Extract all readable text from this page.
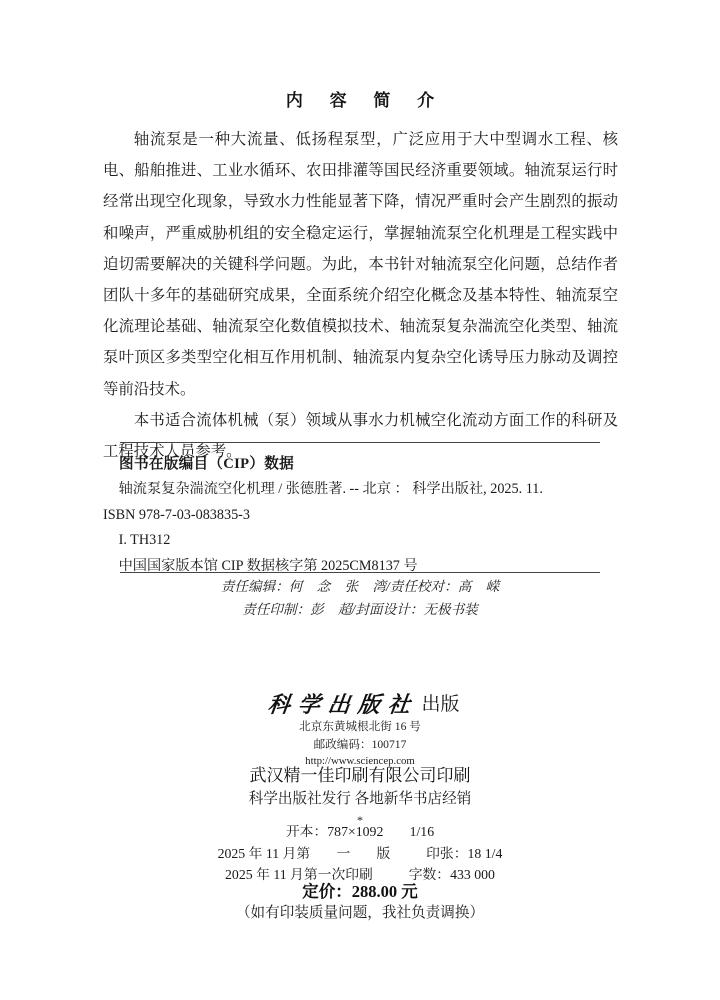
内 容 简 介

轴流泵是一种大流量、低扬程泵型，广泛应用于大中型调水工程、核电、船舶推进、工业水循环、农田排灌等国民经济重要领域。轴流泵运行时经常出现空化现象，导致水力性能显著下降，情况严重时会产生剧烈的振动和噪声，严重威胁机组的安全稳定运行，掌握轴流泵空化机理是工程实践中迫切需要解决的关键科学问题。为此，本书针对轴流泵空化问题，总结作者团队十多年的基础研究成果，全面系统介绍空化概念及基本特性、轴流泵空化流理论基础、轴流泵空化数值模拟技术、轴流泵复杂湍流空化类型、轴流泵叶顶区多类型空化相互作用机制、轴流泵内复杂空化诱导压力脉动及调控等前沿技术。

本书适合流体机械（泵）领域从事水力机械空化流动方面工作的科研及工程技术人员参考。

图书在版编目（CIP）数据
轴流泵复杂湍流空化机理 / 张德胜著. -- 北京 ： 科学出版社, 2025. 11.
ISBN 978-7-03-083835-3
I. TH312
中国国家版本馆 CIP 数据核字第 2025CM8137 号
责任编辑：何 念 张 湾/责任校对：高 嵘
责任印制：彭 超/封面设计：无极书装
科学出版社出版
北京东黄城根北街 16 号
邮政编码：100717
http://www.sciencep.com
武汉精一佳印刷有限公司印刷
科学出版社发行 各地新华书店经销
*
开本：787×1092 1/16
2025 年 11 月第 一 版	印张：18 1/4
2025 年 11 月第一次印刷	字数：433 000
定价：288.00 元
（如有印装质量问题，我社负责调换）
